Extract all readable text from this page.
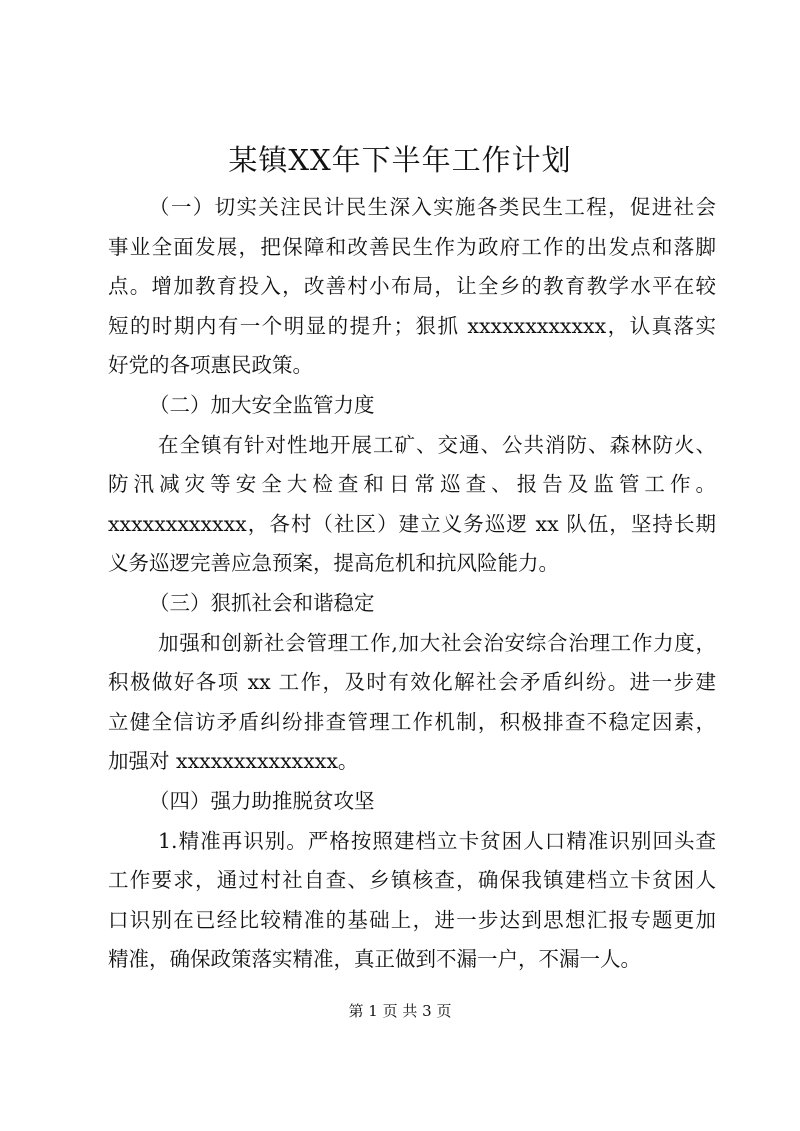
某镇XX年下半年工作计划
（一）切实关注民计民生深入实施各类民生工程，促进社会
事业全面发展，把保障和改善民生作为政府工作的出发点和落脚
点。增加教育投入，改善村小布局，让全乡的教育教学水平在较
短的时期内有一个明显的提升；狠抓 xxxxxxxxxxxx，认真落实
好党的各项惠民政策。
（二）加大安全监管力度
在全镇有针对性地开展工矿、交通、公共消防、森林防火、
防汛减灾等安全大检查和日常巡查、报告及监管工作。
xxxxxxxxxxxx，各村（社区）建立义务巡逻 xx 队伍，坚持长期
义务巡逻完善应急预案，提高危机和抗风险能力。
（三）狠抓社会和谐稳定
加强和创新社会管理工作,加大社会治安综合治理工作力度，
积极做好各项 xx 工作，及时有效化解社会矛盾纠纷。进一步建
立健全信访矛盾纠纷排查管理工作机制，积极排查不稳定因素，
加强对 xxxxxxxxxxxxxx。
（四）强力助推脱贫攻坚
1.精准再识别。严格按照建档立卡贫困人口精准识别回头查
工作要求，通过村社自查、乡镇核查，确保我镇建档立卡贫困人
口识别在已经比较精准的基础上，进一步达到思想汇报专题更加
精准，确保政策落实精准，真正做到不漏一户，不漏一人。
第 1 页 共 3 页
